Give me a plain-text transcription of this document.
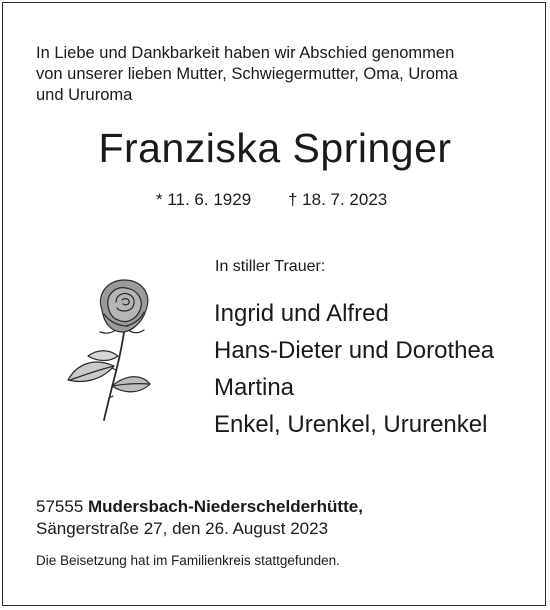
In Liebe und Dankbarkeit haben wir Abschied genommen
von unserer lieben Mutter, Schwiegermutter, Oma, Uroma
und Ururoma
Franziska Springer
* 11. 6. 1929 † 18. 7. 2023
In stiller Trauer:
Ingrid und Alfred
Hans-Dieter und Dorothea
Martina
Enkel, Urenkel, Ururenkel
57555 Mudersbach-Niederschelderhütte,
Sängerstraße 27, den 26. August 2023
Die Beisetzung hat im Familienkreis stattgefunden.
